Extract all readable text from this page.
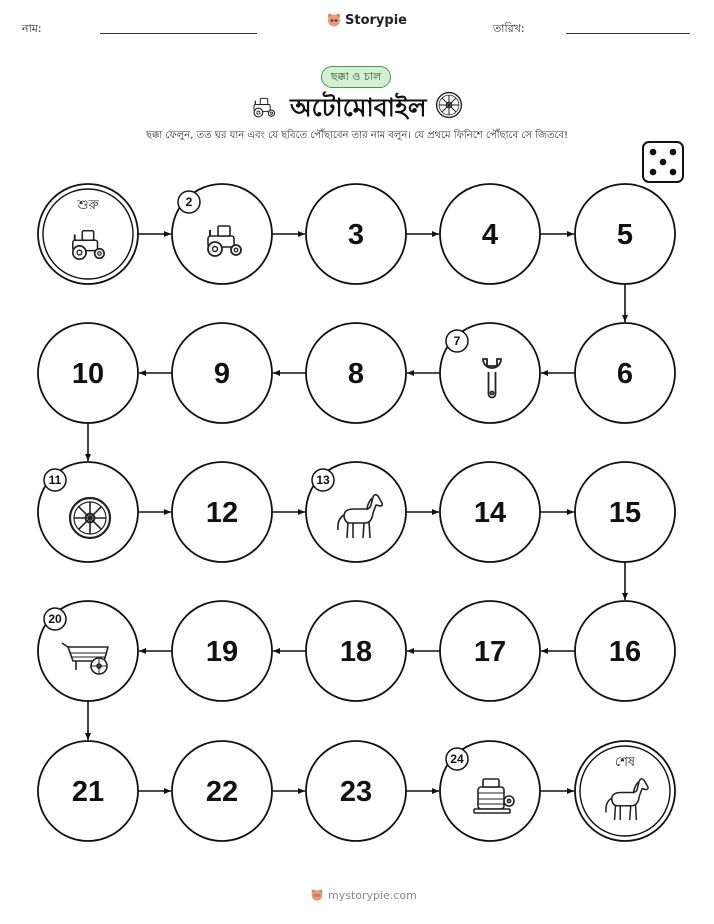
নাম:
Storypie
তারিখ:
ছক্কা ও চাল
অটোমোবাইল
শুরু	2
3	4	5
6
7
8
9
10
11
12
13
14	15
16
17
18
19
20
21	22	23
24	শেষ
ছক্কা ফেলুন, তত ঘর যান এবং যে ছবিতে পৌঁছাবেন তার নাম বলুন। যে প্রথমে ফিনিশে পৌঁছাবে সে জিতবে!
mystorypie.com
